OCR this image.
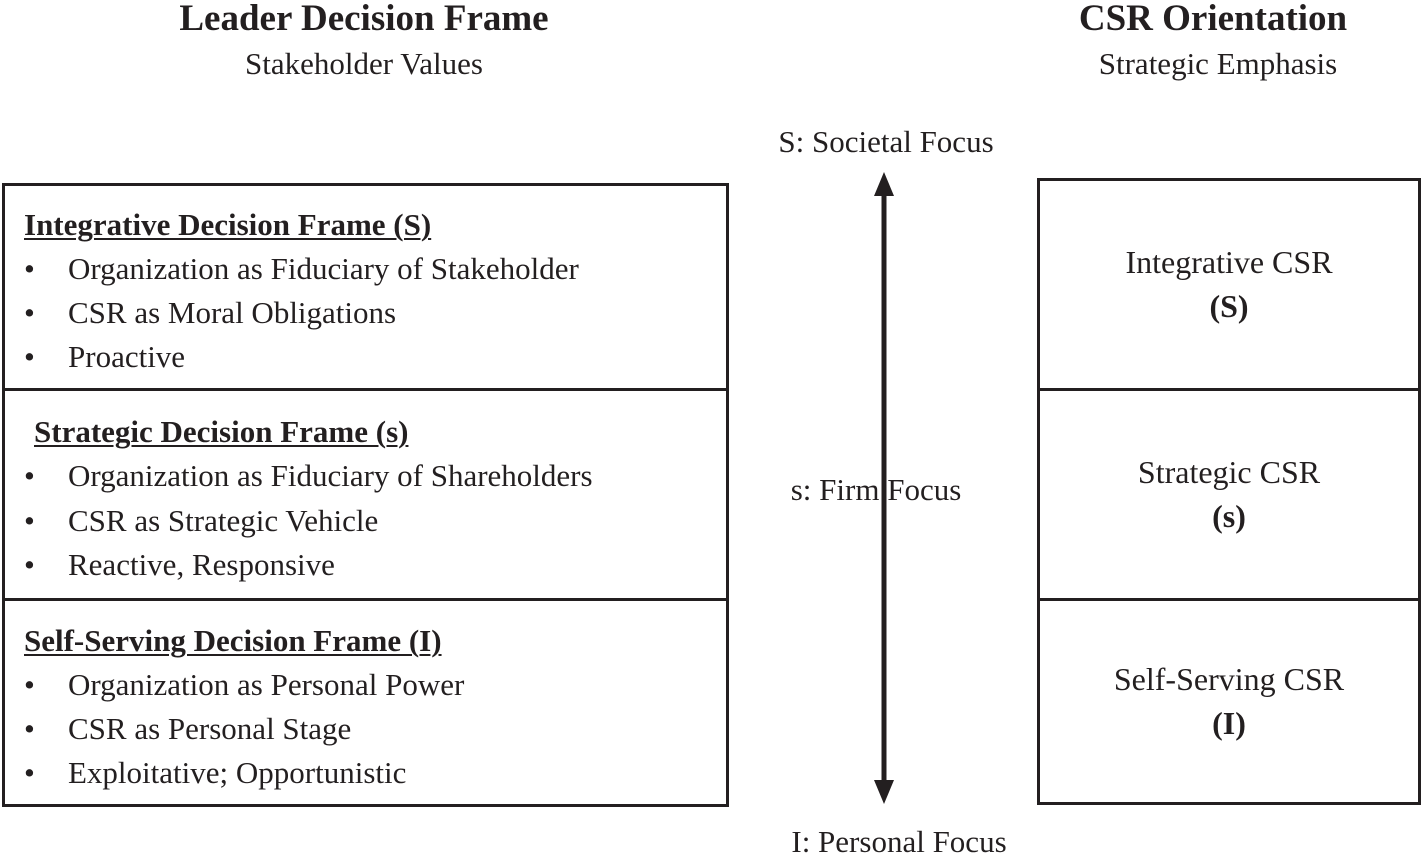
Leader Decision Frame
Stakeholder Values
CSR Orientation
Strategic Emphasis
Integrative Decision Frame (S)
• Organization as Fiduciary of Stakeholder
• CSR as Moral Obligations
• Proactive
Strategic Decision Frame (s)
• Organization as Fiduciary of Shareholders
• CSR as Strategic Vehicle
• Reactive, Responsive
Self-Serving Decision Frame (I)
• Organization as Personal Power
• CSR as Personal Stage
• Exploitative; Opportunistic
S: Societal Focus
s: Firm Focus
I: Personal Focus
Integrative CSR
(S)
Strategic CSR
(s)
Self-Serving CSR
(I)
